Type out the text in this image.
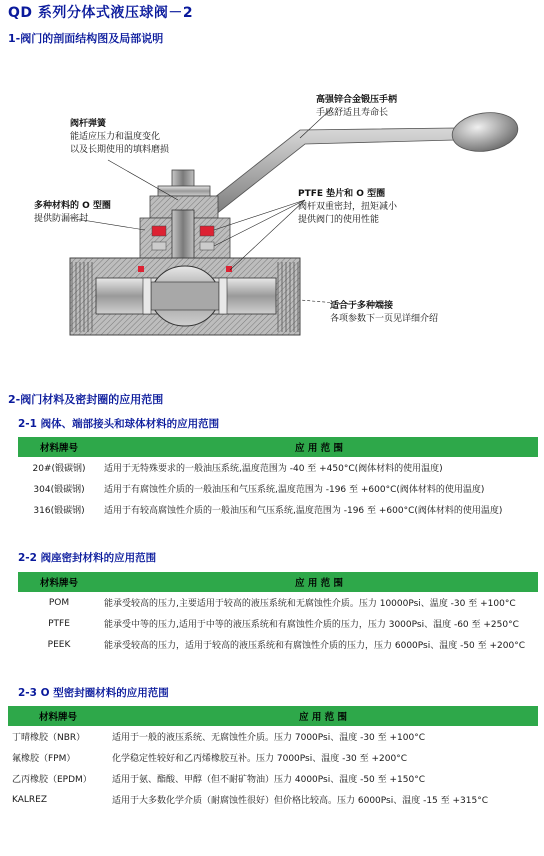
QD 系列分体式液压球阀－2
1-阀门的剖面结构图及局部说明
高强锌合金锻压手柄
手感舒适且寿命长
阀杆弹簧
能适应压力和温度变化
以及长期使用的填料磨损
多种材料的 O 型圈
提供防漏密封
PTFE 垫片和 O 型圈
阀杆双重密封，扭矩减小
提供阀门的使用性能
适合于多种端接
各项参数下一页见详细介绍
2-阀门材料及密封圈的应用范围
2-1 阀体、端部接头和球体材料的应用范围
材料牌号	应 用 范 围
20#(锻碳钢)	适用于无特殊要求的一般油压系统,温度范围为 -40 至 +450°C(阀体材料的使用温度)
304(锻碳钢)	适用于有腐蚀性介质的一般油压和气压系统,温度范围为 -196 至 +600°C(阀体材料的使用温度)
316(锻碳钢)	适用于有较高腐蚀性介质的一般油压和气压系统,温度范围为 -196 至 +600°C(阀体材料的使用温度)
2-2 阀座密封材料的应用范围
材料牌号	应 用 范 围
POM	能承受较高的压力,主要适用于较高的液压系统和无腐蚀性介质。压力 10000Psi、温度 -30 至 +100°C
PTFE	能承受中等的压力,适用于中等的液压系统和有腐蚀性介质的压力，压力 3000Psi、温度 -60 至 +250°C
PEEK	能承受较高的压力，适用于较高的液压系统和有腐蚀性介质的压力，压力 6000Psi、温度 -50 至 +200°C
2-3 O 型密封圈材料的应用范围
材料牌号	应 用 范 围
丁晴橡胶（NBR）	适用于一般的液压系统、无腐蚀性介质。压力 7000Psi、温度 -30 至 +100°C
氟橡胶（FPM）	化学稳定性较好和乙丙烯橡胶互补。压力 7000Psi、温度 -30 至 +200°C
乙丙橡胶（EPDM）	适用于氨、酯酸、甲醇（但不耐矿物油）压力 4000Psi、温度 -50 至 +150°C
KALREZ	适用于大多数化学介质（耐腐蚀性很好）但价格比较高。压力 6000Psi、温度 -15 至 +315°C
